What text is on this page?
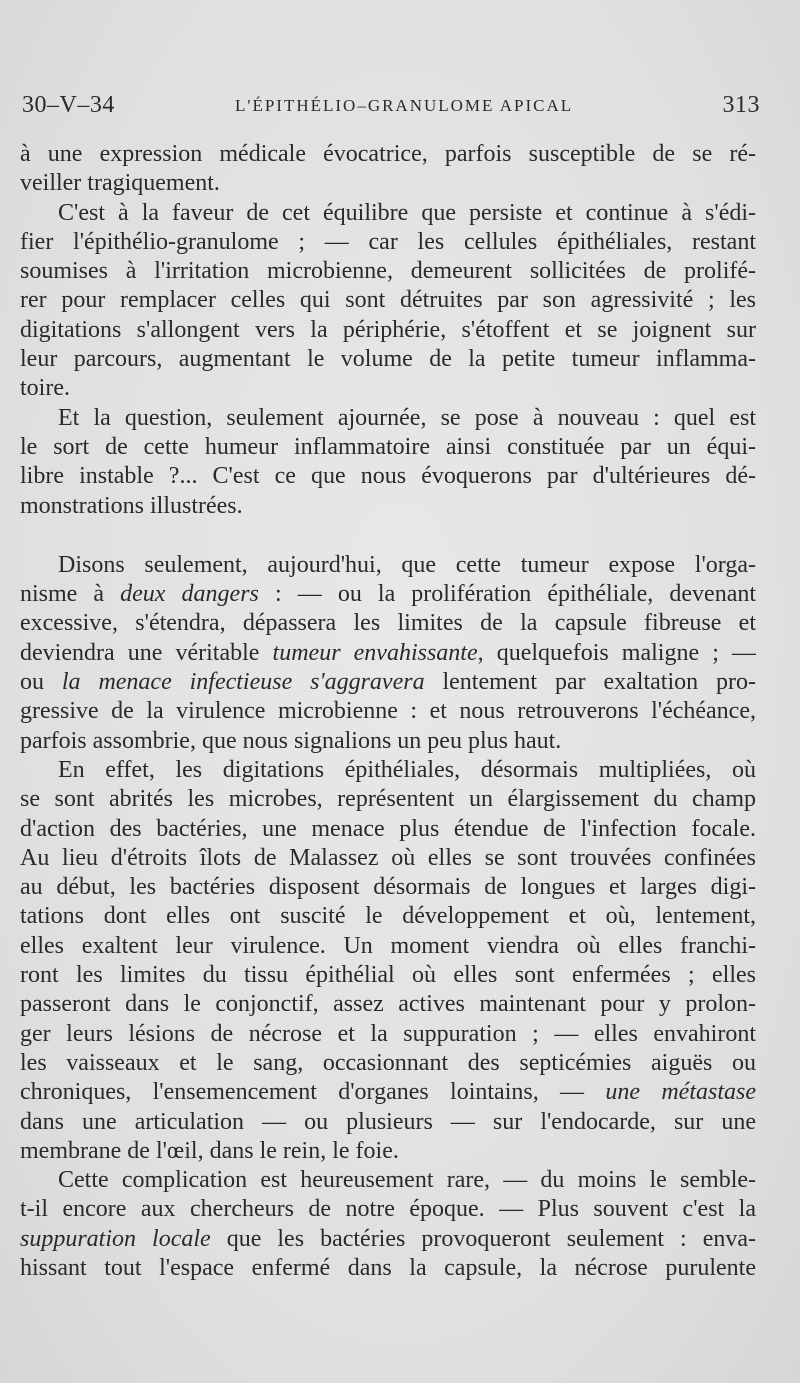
30–V–34	L'ÉPITHÉLIO–GRANULOME APICAL	313

à une expression médicale évocatrice, parfois susceptible de se ré-
veiller tragiquement.

C'est à la faveur de cet équilibre que persiste et continue à s'édi-
fier l'épithélio-granulome ; — car les cellules épithéliales, restant
soumises à l'irritation microbienne, demeurent sollicitées de prolifé-
rer pour remplacer celles qui sont détruites par son agressivité ; les
digitations s'allongent vers la périphérie, s'étoffent et se joignent sur
leur parcours, augmentant le volume de la petite tumeur inflamma-
toire.

Et la question, seulement ajournée, se pose à nouveau : quel est
le sort de cette humeur inflammatoire ainsi constituée par un équi-
libre instable ?... C'est ce que nous évoquerons par d'ultérieures dé-
monstrations illustrées.

Disons seulement, aujourd'hui, que cette tumeur expose l'orga-
nisme à deux dangers : — ou la prolifération épithéliale, devenant
excessive, s'étendra, dépassera les limites de la capsule fibreuse et
deviendra une véritable tumeur envahissante, quelquefois maligne ; —
ou la menace infectieuse s'aggravera lentement par exaltation pro-
gressive de la virulence microbienne : et nous retrouverons l'échéance,
parfois assombrie, que nous signalions un peu plus haut.

En effet, les digitations épithéliales, désormais multipliées, où
se sont abrités les microbes, représentent un élargissement du champ
d'action des bactéries, une menace plus étendue de l'infection focale.
Au lieu d'étroits îlots de Malassez où elles se sont trouvées confinées
au début, les bactéries disposent désormais de longues et larges digi-
tations dont elles ont suscité le développement et où, lentement,
elles exaltent leur virulence. Un moment viendra où elles franchi-
ront les limites du tissu épithélial où elles sont enfermées ; elles
passeront dans le conjonctif, assez actives maintenant pour y prolon-
ger leurs lésions de nécrose et la suppuration ; — elles envahiront
les vaisseaux et le sang, occasionnant des septicémies aiguës ou
chroniques, l'ensemencement d'organes lointains, — une métastase
dans une articulation — ou plusieurs — sur l'endocarde, sur une
membrane de l'œil, dans le rein, le foie.

Cette complication est heureusement rare, — du moins le semble-
t-il encore aux chercheurs de notre époque. — Plus souvent c'est la
suppuration locale que les bactéries provoqueront seulement : enva-
hissant tout l'espace enfermé dans la capsule, la nécrose purulente
